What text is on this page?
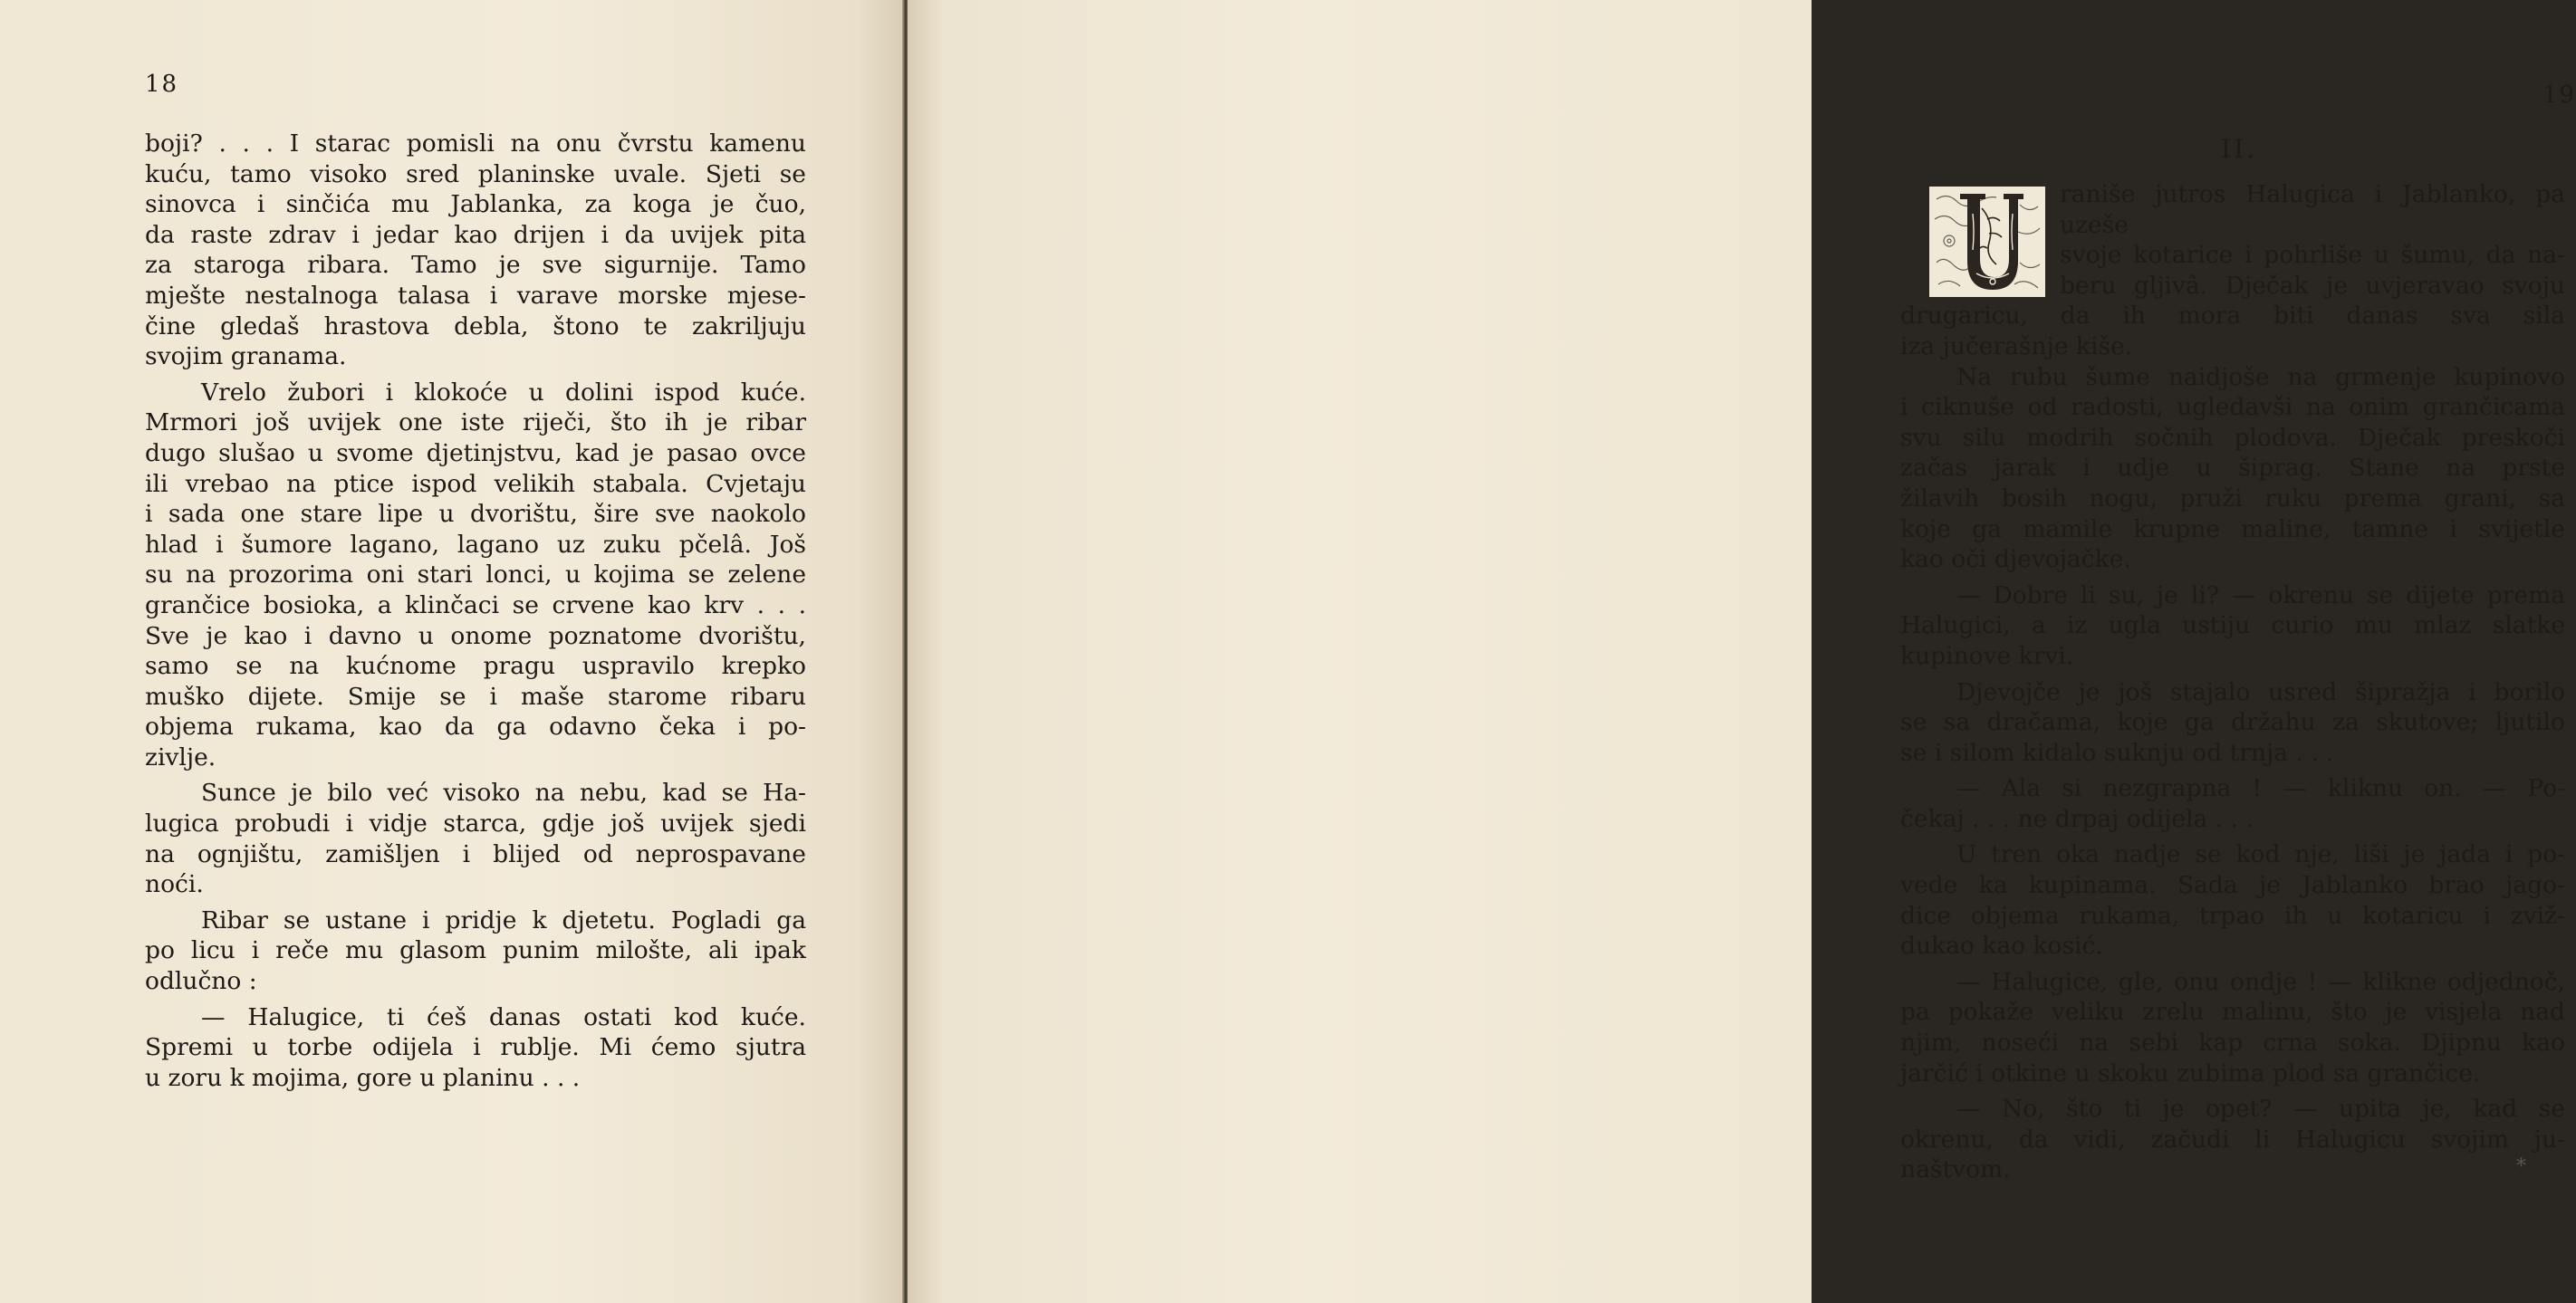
18
boji? . . . I starac pomisli na onu čvrstu kamenu
kuću, tamo visoko sred planinske uvale. Sjeti se
sinovca i sinčića mu Jablanka, za koga je čuo,
da raste zdrav i jedar kao drijen i da uvijek pita
za staroga ribara. Tamo je sve sigurnije. Tamo
mješte nestalnoga talasa i varave morske mjese-
čine gledaš hrastova debla, štono te zakriljuju
svojim granama.
Vrelo žubori i klokoće u dolini ispod kuće.
Mrmori još uvijek one iste riječi, što ih je ribar
dugo slušao u svome djetinjstvu, kad je pasao ovce
ili vrebao na ptice ispod velikih stabala. Cvjetaju
i sada one stare lipe u dvorištu, šire sve naokolo
hlad i šumore lagano, lagano uz zuku pčelâ. Još
su na prozorima oni stari lonci, u kojima se zelene
grančice bosioka, a klinčaci se crvene kao krv . . .
Sve je kao i davno u onome poznatome dvorištu,
samo se na kućnome pragu uspravilo krepko
muško dijete. Smije se i maše starome ribaru
objema rukama, kao da ga odavno čeka i po-
zivlje.
Sunce je bilo već visoko na nebu, kad se Ha-
lugica probudi i vidje starca, gdje još uvijek sjedi
na ognjištu, zamišljen i blijed od neprospavane
noći.
Ribar se ustane i pridje k djetetu. Pogladi ga
po licu i reče mu glasom punim milošte, ali ipak
odlučno :
— Halugice, ti ćeš danas ostati kod kuće.
Spremi u torbe odijela i rublje. Mi ćemo sjutra
u zoru k mojima, gore u planinu . . .
19
II.
raniše jutros Halugica i Jablanko, pa uzeše
svoje kotarice i pohrliše u šumu, da na-
beru gljivâ. Dječak je uvjeravao svoju
drugaricu, da ih mora biti danas sva sila
iza jučerašnje kiše.
Na rubu šume naidjoše na grmenje kupinovo
i ciknuše od radosti, ugledavši na onim grančicama
svu silu modrih sočnih plodova. Dječak preskoči
začas jarak i udje u šiprag. Stane na prste
žilavih bosih nogu, pruži ruku prema grani, sa
koje ga mamile krupne maline, tamne i svijetle
kao oči djevojačke.
— Dobre li su, je li? — okrenu se dijete prema
Halugici, a iz ugla ustiju curio mu mlaz slatke
kupinove krvi.
Djevojče je još stajalo usred šipražja i borilo
se sa dračama, koje ga držahu za skutove; ljutilo
se i silom kidalo suknju od trnja . . .
— Ala si nezgrapna ! — kliknu on. — Po-
čekaj . . . ne drpaj odijela . . .
U tren oka nadje se kod nje, liši je jada i po-
vede ka kupinama. Sada je Jablanko brao jago-
dice objema rukama, trpao ih u kotaricu i zviž-
dukao kao kosić.
— Halugice, gle, onu ondje ! — klikne odjednoč,
pa pokaže veliku zrelu malinu, što je visjela nad
njim, noseći na sebi kap crna soka. Djipnu kao
jarčić i otkine u skoku zubima plod sa grančice.
— No, što ti je opet? — upita je, kad se
okrenu, da vidi, začudi li Halugicu svojim ju-
naštvom.	*
